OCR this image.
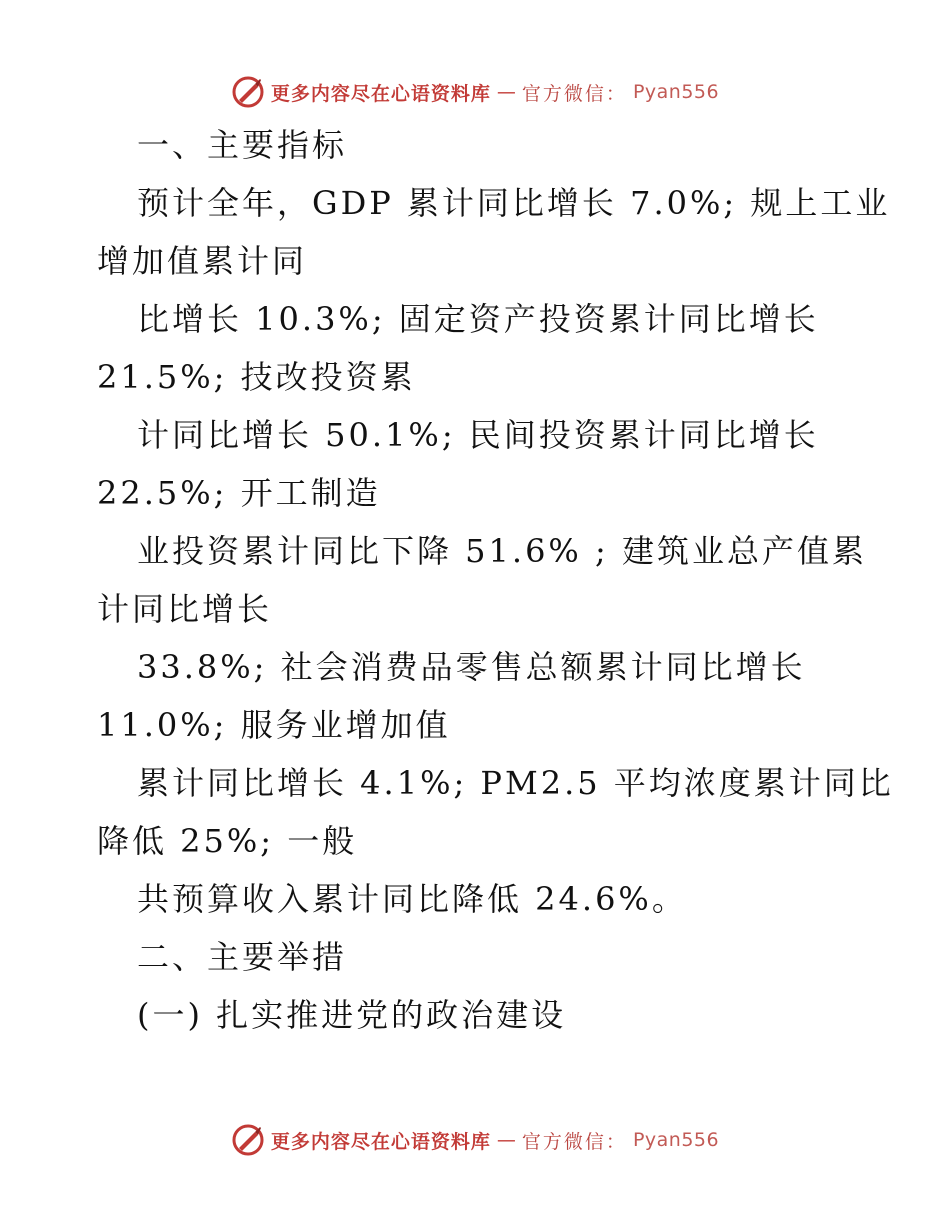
更多内容尽在心语资料库 — 官方微信： Pyan556
一、主要指标
预计全年，GDP 累计同比增长 7.0%; 规上工业
增加值累计同
比增长 10.3%; 固定资产投资累计同比增长
21.5%; 技改投资累
计同比增长 50.1%; 民间投资累计同比增长
22.5%; 开工制造
业投资累计同比下降 51.6% ; 建筑业总产值累
计同比增长
33.8%; 社会消费品零售总额累计同比增长
11.0%; 服务业增加值
累计同比增长 4.1%; PM2.5 平均浓度累计同比
降低 25%; 一般
共预算收入累计同比降低 24.6%。
二、主要举措
(一) 扎实推进党的政治建设
更多内容尽在心语资料库 — 官方微信： Pyan556
